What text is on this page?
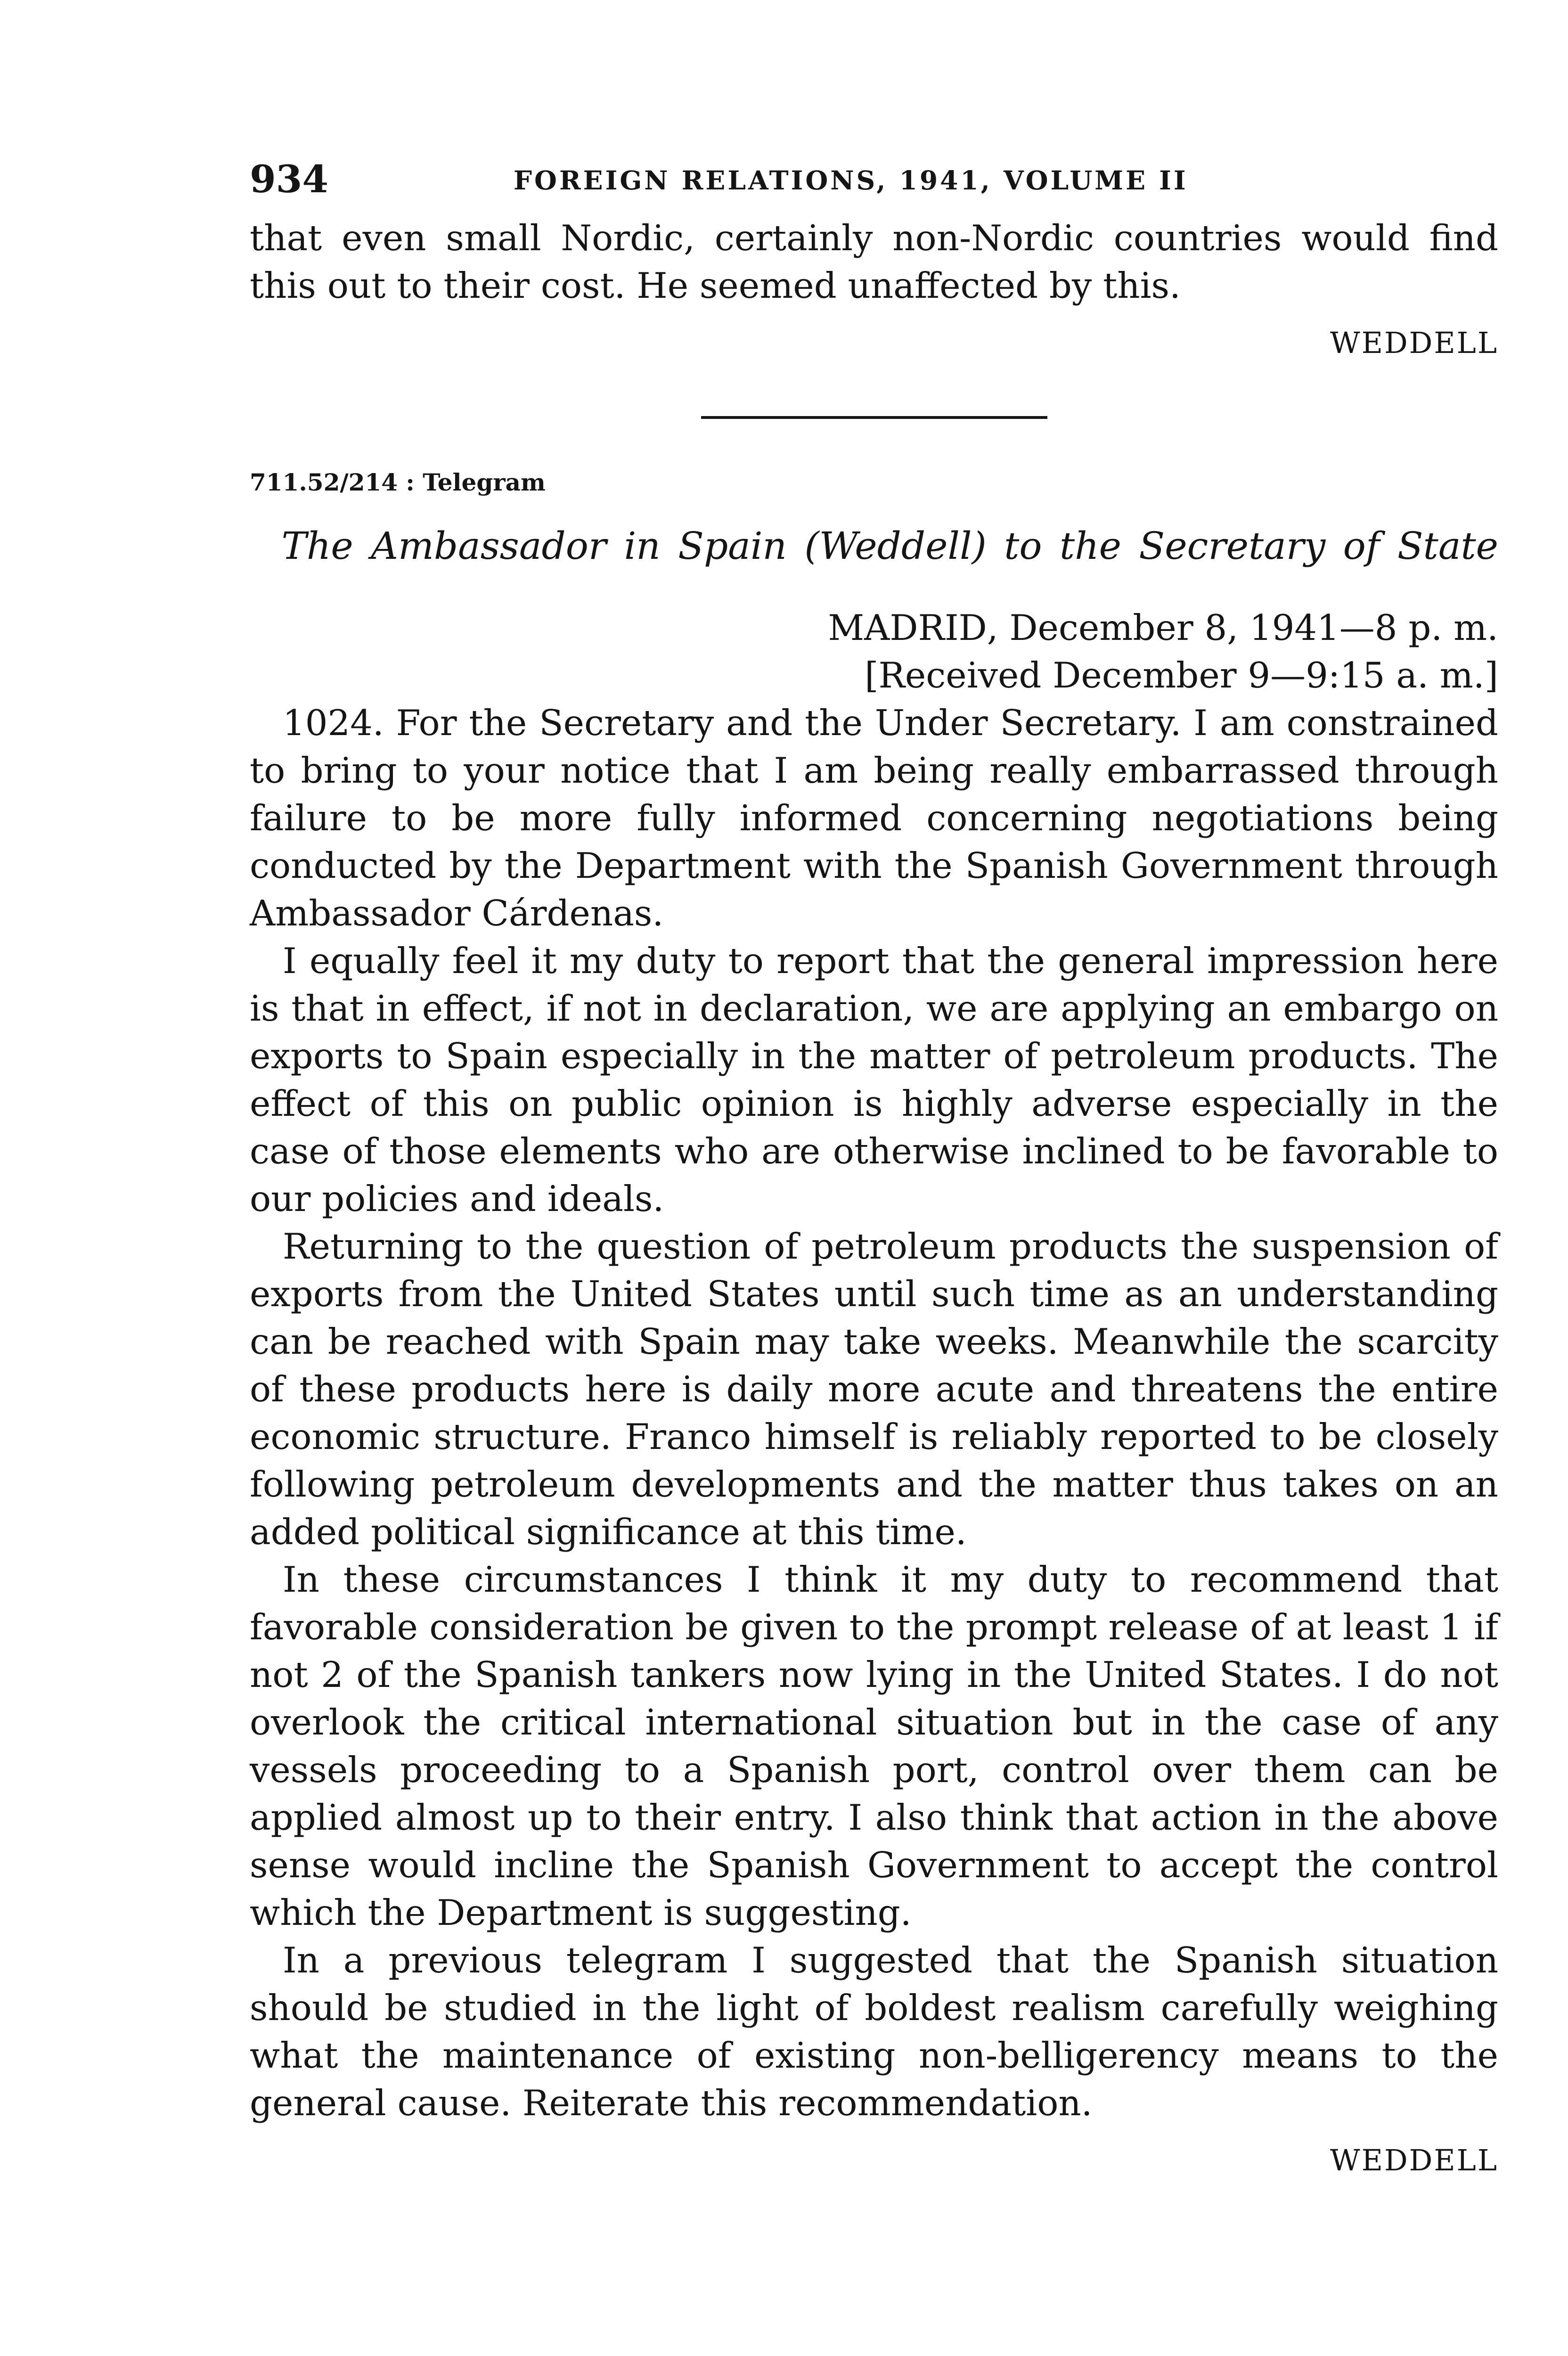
934	FOREIGN RELATIONS, 1941, VOLUME II

that even small Nordic, certainly non-Nordic countries would find this out to their cost. He seemed unaffected by this.

WEDDELL
711.52/214 : Telegram
The Ambassador in Spain (Weddell) to the Secretary of State
MADRID, December 8, 1941—8 p. m.
[Received December 9—9:15 a. m.]

1024. For the Secretary and the Under Secretary. I am constrained to bring to your notice that I am being really embarrassed through failure to be more fully informed concerning negotiations being conducted by the Department with the Spanish Government through Ambassador Cárdenas.

I equally feel it my duty to report that the general impression here is that in effect, if not in declaration, we are applying an embargo on exports to Spain especially in the matter of petroleum products. The effect of this on public opinion is highly adverse especially in the case of those elements who are otherwise inclined to be favorable to our policies and ideals.

Returning to the question of petroleum products the suspension of exports from the United States until such time as an understanding can be reached with Spain may take weeks. Meanwhile the scarcity of these products here is daily more acute and threatens the entire economic structure. Franco himself is reliably reported to be closely following petroleum developments and the matter thus takes on an added political significance at this time.

In these circumstances I think it my duty to recommend that favorable consideration be given to the prompt release of at least 1 if not 2 of the Spanish tankers now lying in the United States. I do not overlook the critical international situation but in the case of any vessels proceeding to a Spanish port, control over them can be applied almost up to their entry. I also think that action in the above sense would incline the Spanish Government to accept the control which the Department is suggesting.

In a previous telegram I suggested that the Spanish situation should be studied in the light of boldest realism carefully weighing what the maintenance of existing non-belligerency means to the general cause. Reiterate this recommendation.

WEDDELL
